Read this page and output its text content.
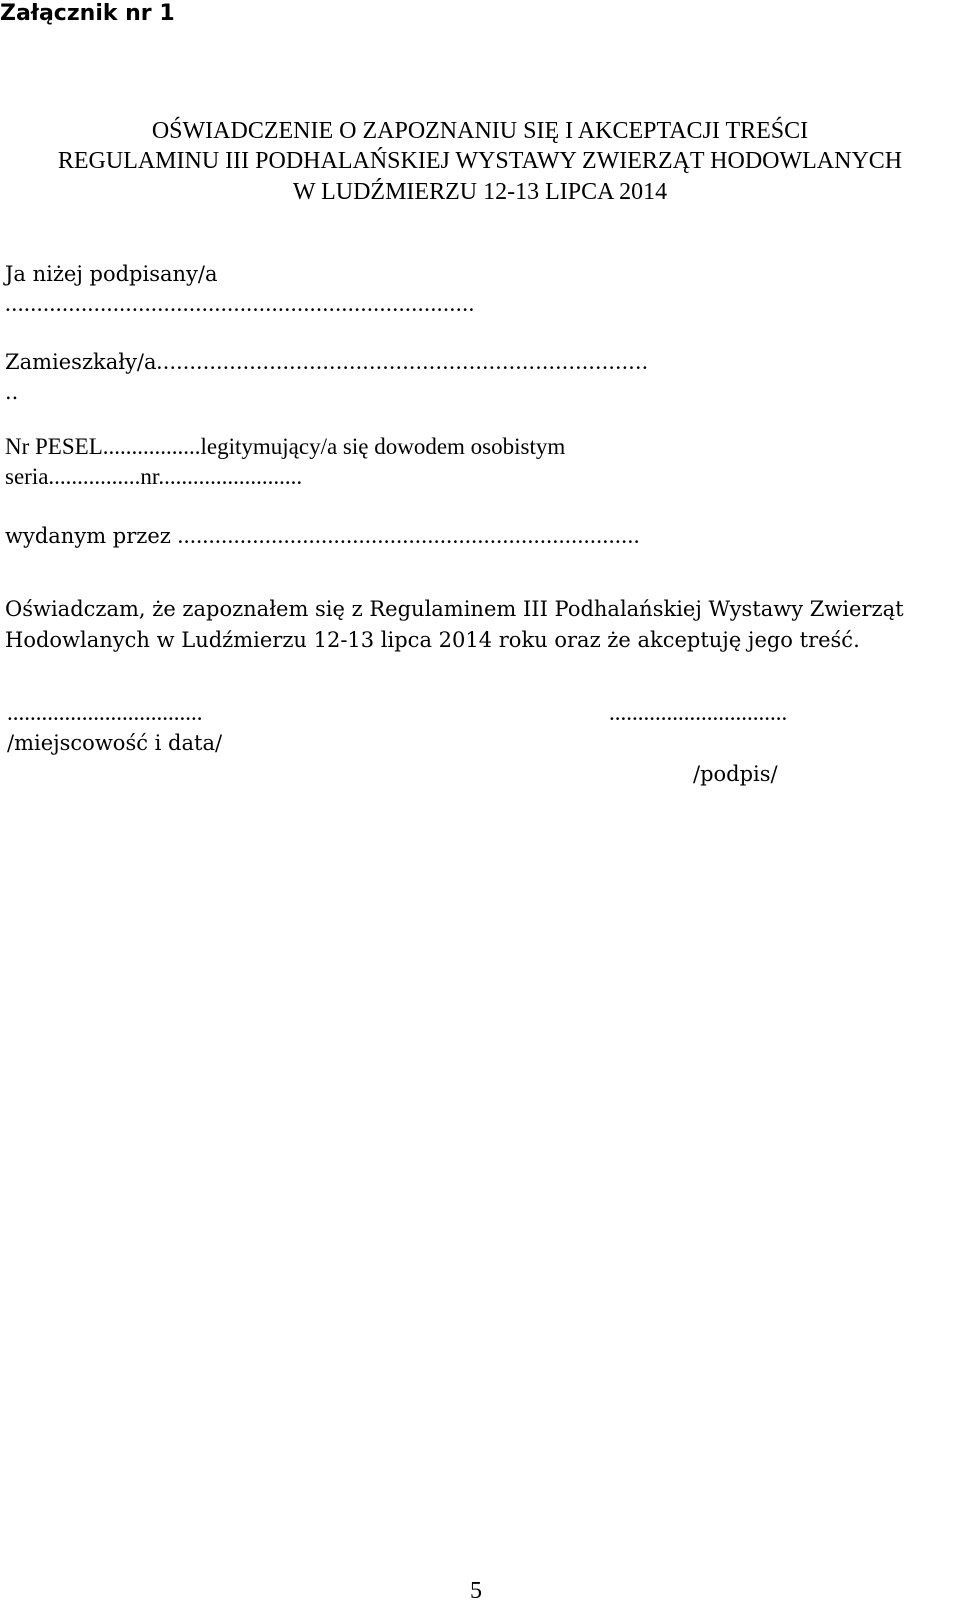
Załącznik nr 1
OŚWIADCZENIE O ZAPOZNANIU SIĘ I AKCEPTACJI TREŚCI
REGULAMINU III PODHALAŃSKIEJ WYSTAWY ZWIERZĄT HODOWLANYCH
W LUDŹMIERZU 12-13 LIPCA 2014
Ja niżej podpisany/a
..........................................................................
Zamieszkały/a..........................................................................
..
Nr PESEL.................legitymujący/a się dowodem osobistym
seria................nr.........................
wydanym przez ..........................................................................
Oświadczam, że zapoznałem się z Regulaminem III Podhalańskiej Wystawy Zwierząt Hodowlanych w Ludźmierzu 12-13 lipca 2014 roku oraz że akceptuję jego treść.
..................................
/miejscowość i data/
...............................
/podpis/
5
